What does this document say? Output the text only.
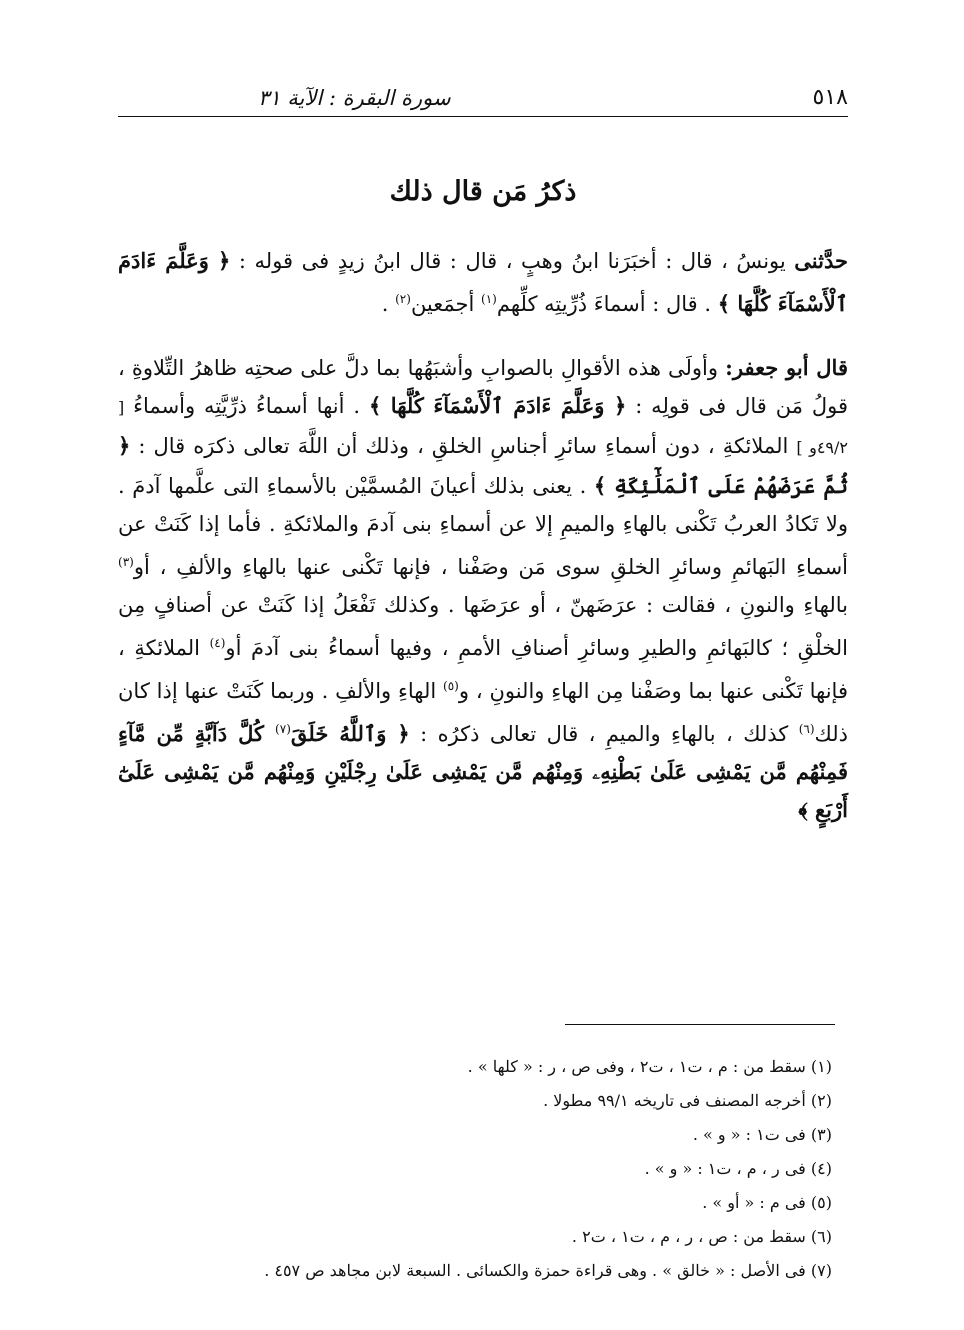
٥١٨
سورة البقرة : الآية ٣١
ذكرُ مَن قال ذلك

حدَّثنى يونسُ ، قال : أخبَرَنا ابنُ وهبٍ ، قال : قال ابنُ زيدٍ فى قوله : ﴿ وَعَلَّمَ ءَادَمَ ٱلْأَسْمَآءَ كُلَّهَا ﴾ . قال : أسماءَ ذُرِّيتِه كلِّهم$^{(١)}$ أجمَعين$^{(٢)}$ .

قال أبو جعفر: وأولَى هذه الأقوالِ بالصوابِ وأشبَهُها بما دلَّ على صحتِه ظاهرُ التِّلاوةِ ، قولُ مَن قال فى قولِه : ﴿ وَعَلَّمَ ءَادَمَ ٱلْأَسْمَآءَ كُلَّهَا ﴾ . أنها أسماءُ ذرِّيَّتِه وأسماءُ [ ٤٩/٢و ] الملائكةِ ، دون أسماءِ سائرِ أجناسِ الخلقِ ، وذلك أن اللَّهَ تعالى ذكرَه قال : ﴿ ثُمَّ عَرَضَهُمْ عَلَى ٱلْمَلَٰٓئِكَةِ ﴾ . يعنى بذلك أعيانَ المُسمَّيْن بالأسماءِ التى علَّمها آدمَ . ولا تَكادُ العربُ تَكْنى بالهاءِ والميمِ إلا عن أسماءِ بنى آدمَ والملائكةِ . فأما إذا كَنَتْ عن أسماءِ البَهائمِ وسائرِ الخلقِ سوى مَن وصَفْنا ، فإنها تَكْنى عنها بالهاءِ والألفِ ، أو$^{(٣)}$ بالهاءِ والنونِ ، فقالت : عرَضَهنّ ، أو عرَضَها . وكذلك تَفْعَلُ إذا كَنَتْ عن أصنافٍ مِن الخلْقِ ؛ كالبَهائمِ والطيرِ وسائرِ أصنافِ الأممِ ، وفيها أسماءُ بنى آدمَ أو$^{(٤)}$ الملائكةِ ، فإنها تَكْنى عنها بما وصَفْنا مِن الهاءِ والنونِ ، و$^{(٥)}$ الهاءِ والألفِ . وربما كَنَتْ عنها إذا كان ذلك$^{(٦)}$ كذلك ، بالهاءِ والميمِ ، قال تعالى ذكرُه : ﴿ وَٱللَّهُ خَلَقَ$^{(٧)}$ كُلَّ دَآبَّةٍ مِّن مَّآءٍ فَمِنْهُم مَّن يَمْشِى عَلَىٰ بَطْنِهِۦ وَمِنْهُم مَّن يَمْشِى عَلَىٰ رِجْلَيْنِ وَمِنْهُم مَّن يَمْشِى عَلَىٰٓ أَرْبَعٍ ﴾

(١) سقط من : م ، ت١ ، ت٢ ، وفى ص ، ر : « كلها » .
(٢) أخرجه المصنف فى تاريخه ٩٩/١ مطولا .
(٣) فى ت١ : « و » .
(٤) فى ر ، م ، ت١ : « و » .
(٥) فى م : « أو » .
(٦) سقط من : ص ، ر ، م ، ت١ ، ت٢ .
(٧) فى الأصل : « خالق » . وهى قراءة حمزة والكسائى . السبعة لابن مجاهد ص ٤٥٧ .
